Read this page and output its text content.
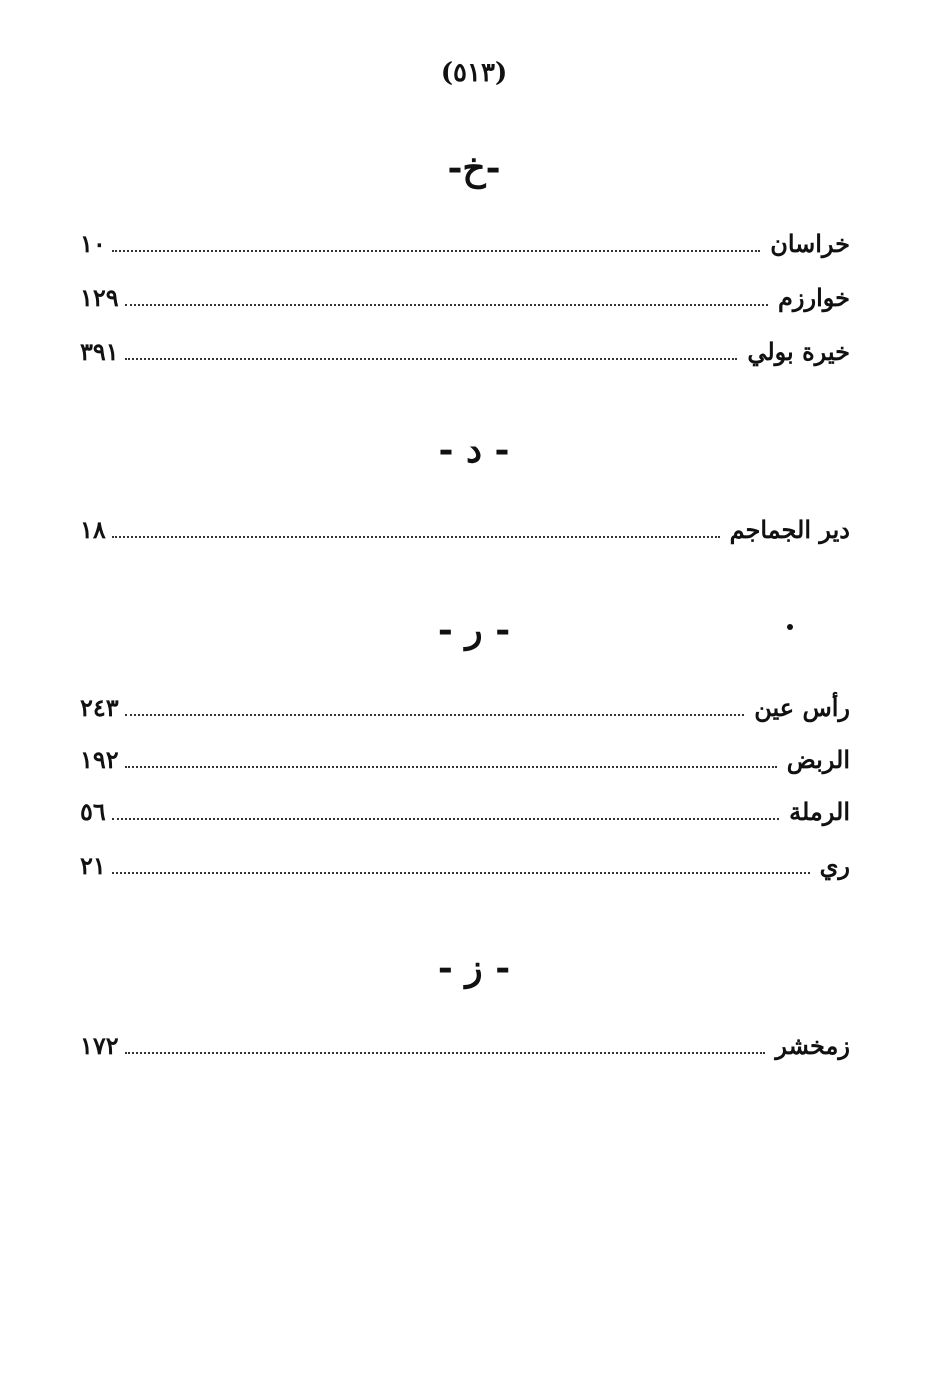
(٥١٣)
-خ-
خراسان
١٠
خوارزم
١٢٩
خيرة بولي
٣٩١
- د -
دير الجماجم
١٨
- ر -
رأس عين
٢٤٣
الربض
١٩٢
الرملة
٥٦
ري
٢١
- ز -
زمخشر
١٧٢
